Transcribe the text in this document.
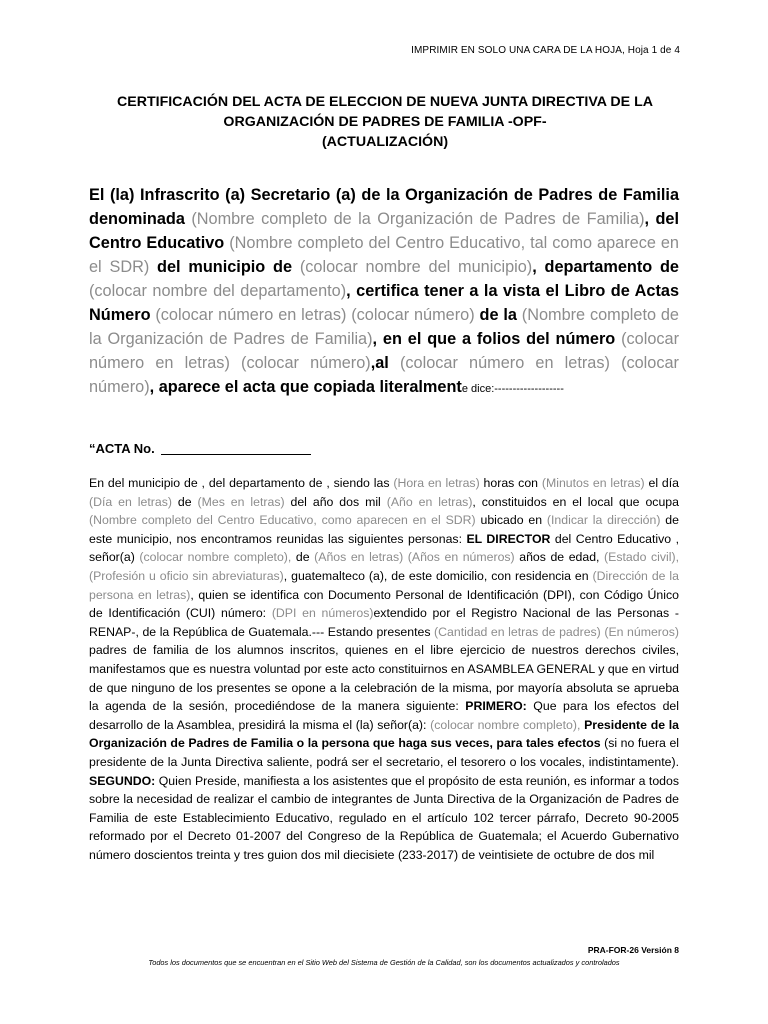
IMPRIMIR EN SOLO UNA CARA DE LA HOJA, Hoja 1 de 4
CERTIFICACIÓN DEL ACTA DE ELECCION DE NUEVA JUNTA DIRECTIVA DE LA
ORGANIZACIÓN DE PADRES DE FAMILIA -OPF-
(ACTUALIZACIÓN)
El (la) Infrascrito (a) Secretario (a) de la Organización de Padres de Familia denominada (Nombre completo de la Organización de Padres de Familia), del Centro Educativo (Nombre completo del Centro Educativo, tal como aparece en el SDR) del municipio de (colocar nombre del municipio), departamento de (colocar nombre del departamento), certifica tener a la vista el Libro de Actas Número (colocar número en letras) (colocar número) de la (Nombre completo de la Organización de Padres de Familia), en el que a folios del número (colocar número en letras) (colocar número),al (colocar número en letras) (colocar número), aparece el acta que copiada literalmente dice:-------------------
“ACTA No.
En del municipio de , del departamento de , siendo las (Hora en letras) horas con (Minutos en letras) el día (Día en letras) de (Mes en letras) del año dos mil (Año en letras), constituidos en el local que ocupa (Nombre completo del Centro Educativo, como aparecen en el SDR) ubicado en (Indicar la dirección) de este municipio, nos encontramos reunidas las siguientes personas: EL DIRECTOR del Centro Educativo , señor(a) (colocar nombre completo), de (Años en letras) (Años en números) años de edad, (Estado civil), (Profesión u oficio sin abreviaturas), guatemalteco (a), de este domicilio, con residencia en (Dirección de la persona en letras), quien se identifica con Documento Personal de Identificación (DPI), con Código Único de Identificación (CUI) número: (DPI en números)extendido por el Registro Nacional de las Personas -RENAP-, de la República de Guatemala.--- Estando presentes (Cantidad en letras de padres) (En números) padres de familia de los alumnos inscritos, quienes en el libre ejercicio de nuestros derechos civiles, manifestamos que es nuestra voluntad por este acto constituirnos en ASAMBLEA GENERAL y que en virtud de que ninguno de los presentes se opone a la celebración de la misma, por mayoría absoluta se aprueba la agenda de la sesión, procediéndose de la manera siguiente: PRIMERO: Que para los efectos del desarrollo de la Asamblea, presidirá la misma el (la) señor(a): (colocar nombre completo), Presidente de la Organización de Padres de Familia o la persona que haga sus veces, para tales efectos (si no fuera el presidente de la Junta Directiva saliente, podrá ser el secretario, el tesorero o los vocales, indistintamente). SEGUNDO: Quien Preside, manifiesta a los asistentes que el propósito de esta reunión, es informar a todos sobre la necesidad de realizar el cambio de integrantes de Junta Directiva de la Organización de Padres de Familia de este Establecimiento Educativo, regulado en el artículo 102 tercer párrafo, Decreto 90-2005 reformado por el Decreto 01-2007 del Congreso de la República de Guatemala; el Acuerdo Gubernativo número doscientos treinta y tres guion dos mil diecisiete (233-2017) de veintisiete de octubre de dos mil
PRA-FOR-26 Versión 8
Todos los documentos que se encuentran en el Sitio Web del Sistema de Gestión de la Calidad, son los documentos actualizados y controlados
